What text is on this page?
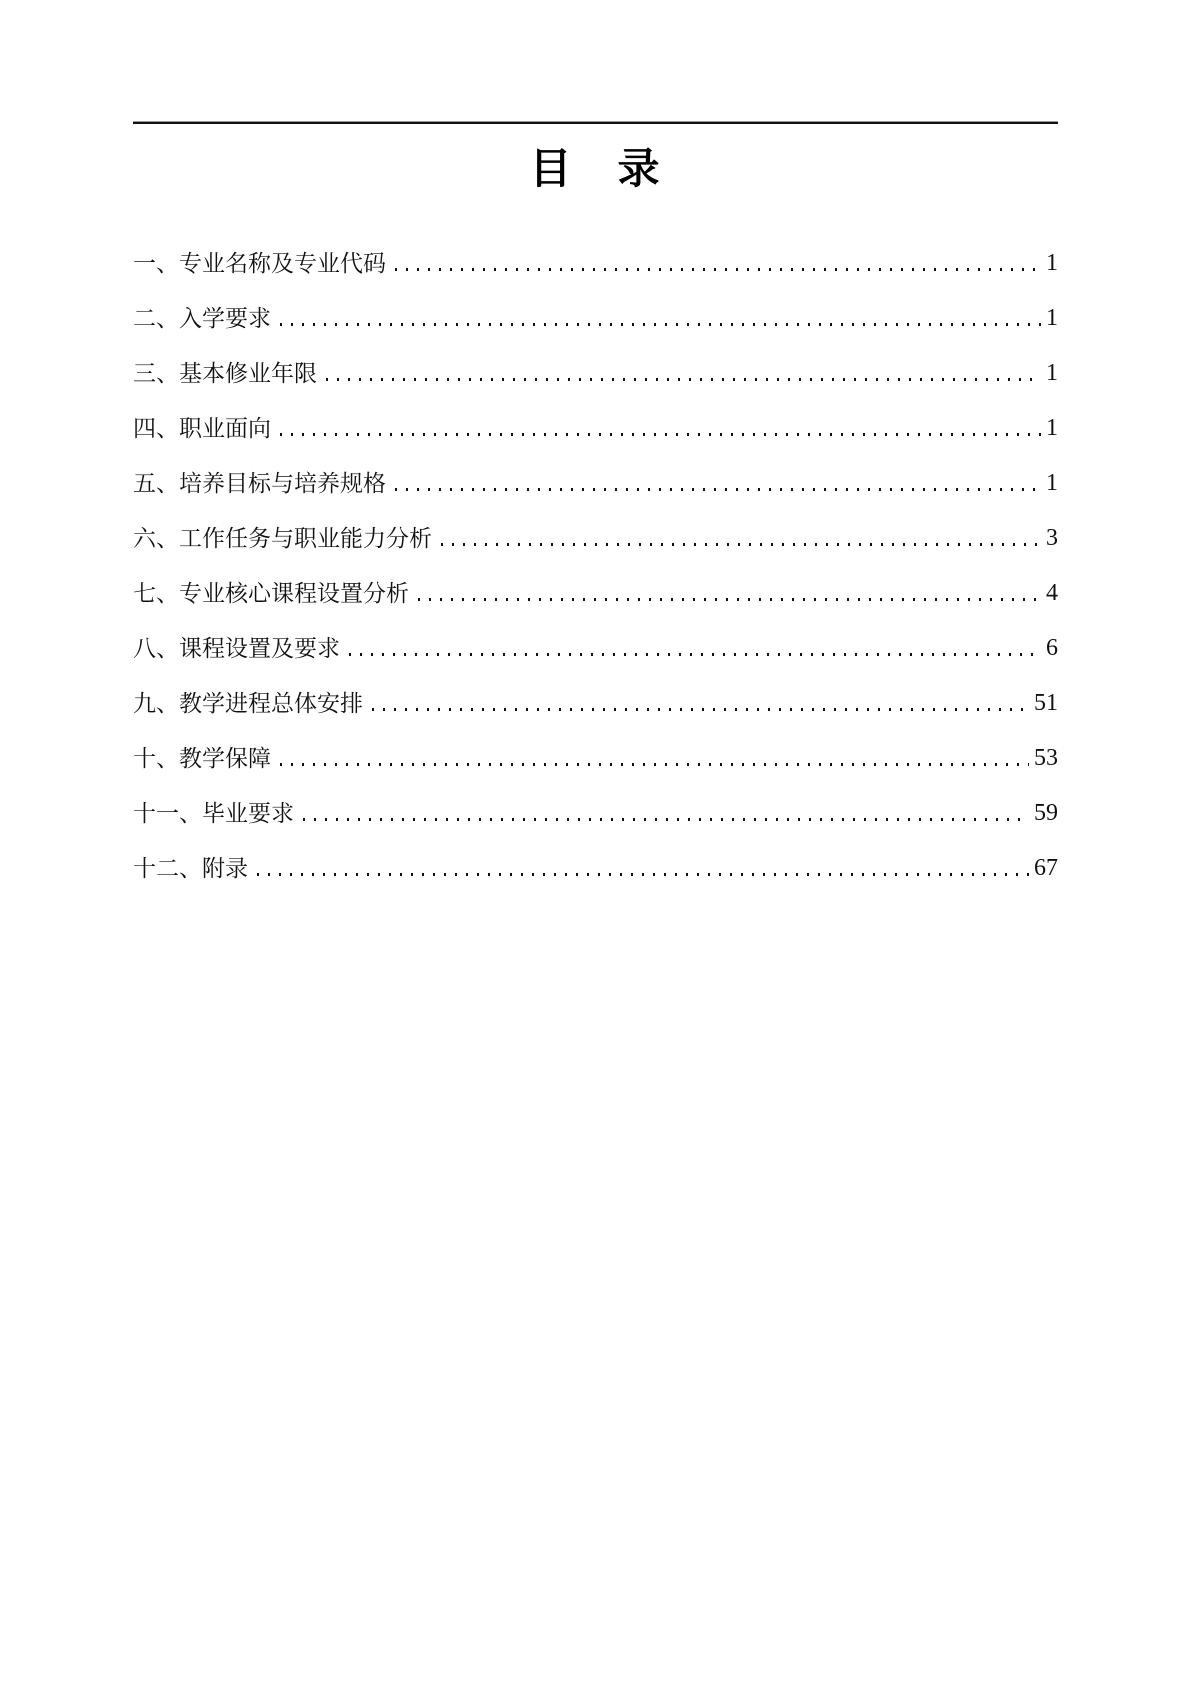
目　录
一、专业名称及专业代码	1
二、入学要求	1
三、基本修业年限	1
四、职业面向	1
五、培养目标与培养规格	1
六、工作任务与职业能力分析	3
七、专业核心课程设置分析	4
八、课程设置及要求	6
九、教学进程总体安排	51
十、教学保障	53
十一、毕业要求	59
十二、附录	67
